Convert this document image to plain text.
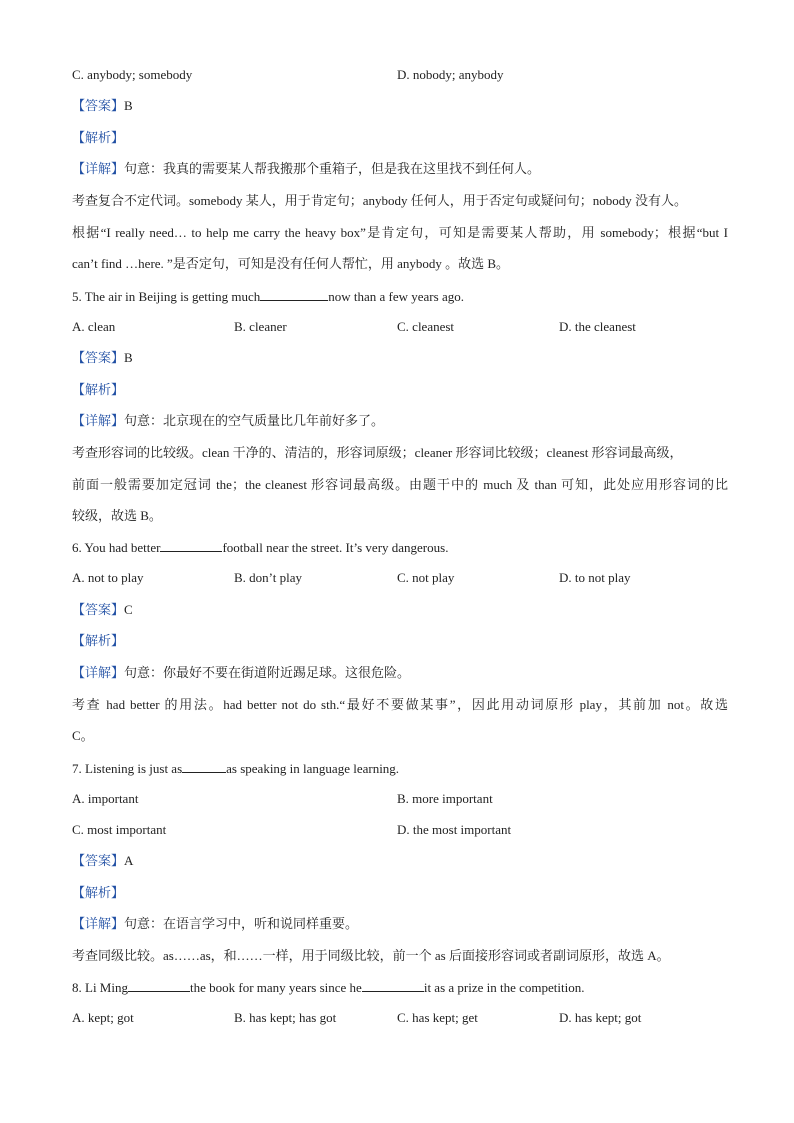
C. anybody; somebody	D. nobody; anybody
【答案】B
【解析】
【详解】句意：我真的需要某人帮我搬那个重箱子，但是我在这里找不到任何人。
考查复合不定代词。somebody 某人，用于肯定句；anybody 任何人，用于否定句或疑问句；nobody 没有人。
根据“I really need… to help me carry the heavy box”是肯定句，可知是需要某人帮助，用 somebody；根据“but I
can’t find …here. ”是否定句，可知是没有任何人帮忙，用 anybody 。故选 B。
5. The air in Beijing is getting much	now than a few years ago.
A. clean	B. cleaner	C. cleanest	D. the cleanest
【答案】B
【解析】
【详解】句意：北京现在的空气质量比几年前好多了。
考查形容词的比较级。clean 干净的、清洁的，形容词原级；cleaner 形容词比较级；cleanest 形容词最高级，
前面一般需要加定冠词 the；the cleanest 形容词最高级。由题干中的 much 及 than 可知，此处应用形容词的比
较级，故选 B。
6. You had better	football near the street. It’s very dangerous.
A. not to play	B. don’t play	C. not play	D. to not play
【答案】C
【解析】
【详解】句意：你最好不要在街道附近踢足球。这很危险。
考查 had better 的用法。had better not do sth.“最好不要做某事”，因此用动词原形 play，其前加 not。故选
C。
7. Listening is just as	as speaking in language learning.
A. important	B. more important
C. most important	D. the most important
【答案】A
【解析】
【详解】句意：在语言学习中，听和说同样重要。
考查同级比较。as……as，和……一样，用于同级比较，前一个 as 后面接形容词或者副词原形，故选 A。
8. Li Ming	the book for many years since he	it as a prize in the competition.
A. kept; got	B. has kept; has got	C. has kept; get	D. has kept; got
